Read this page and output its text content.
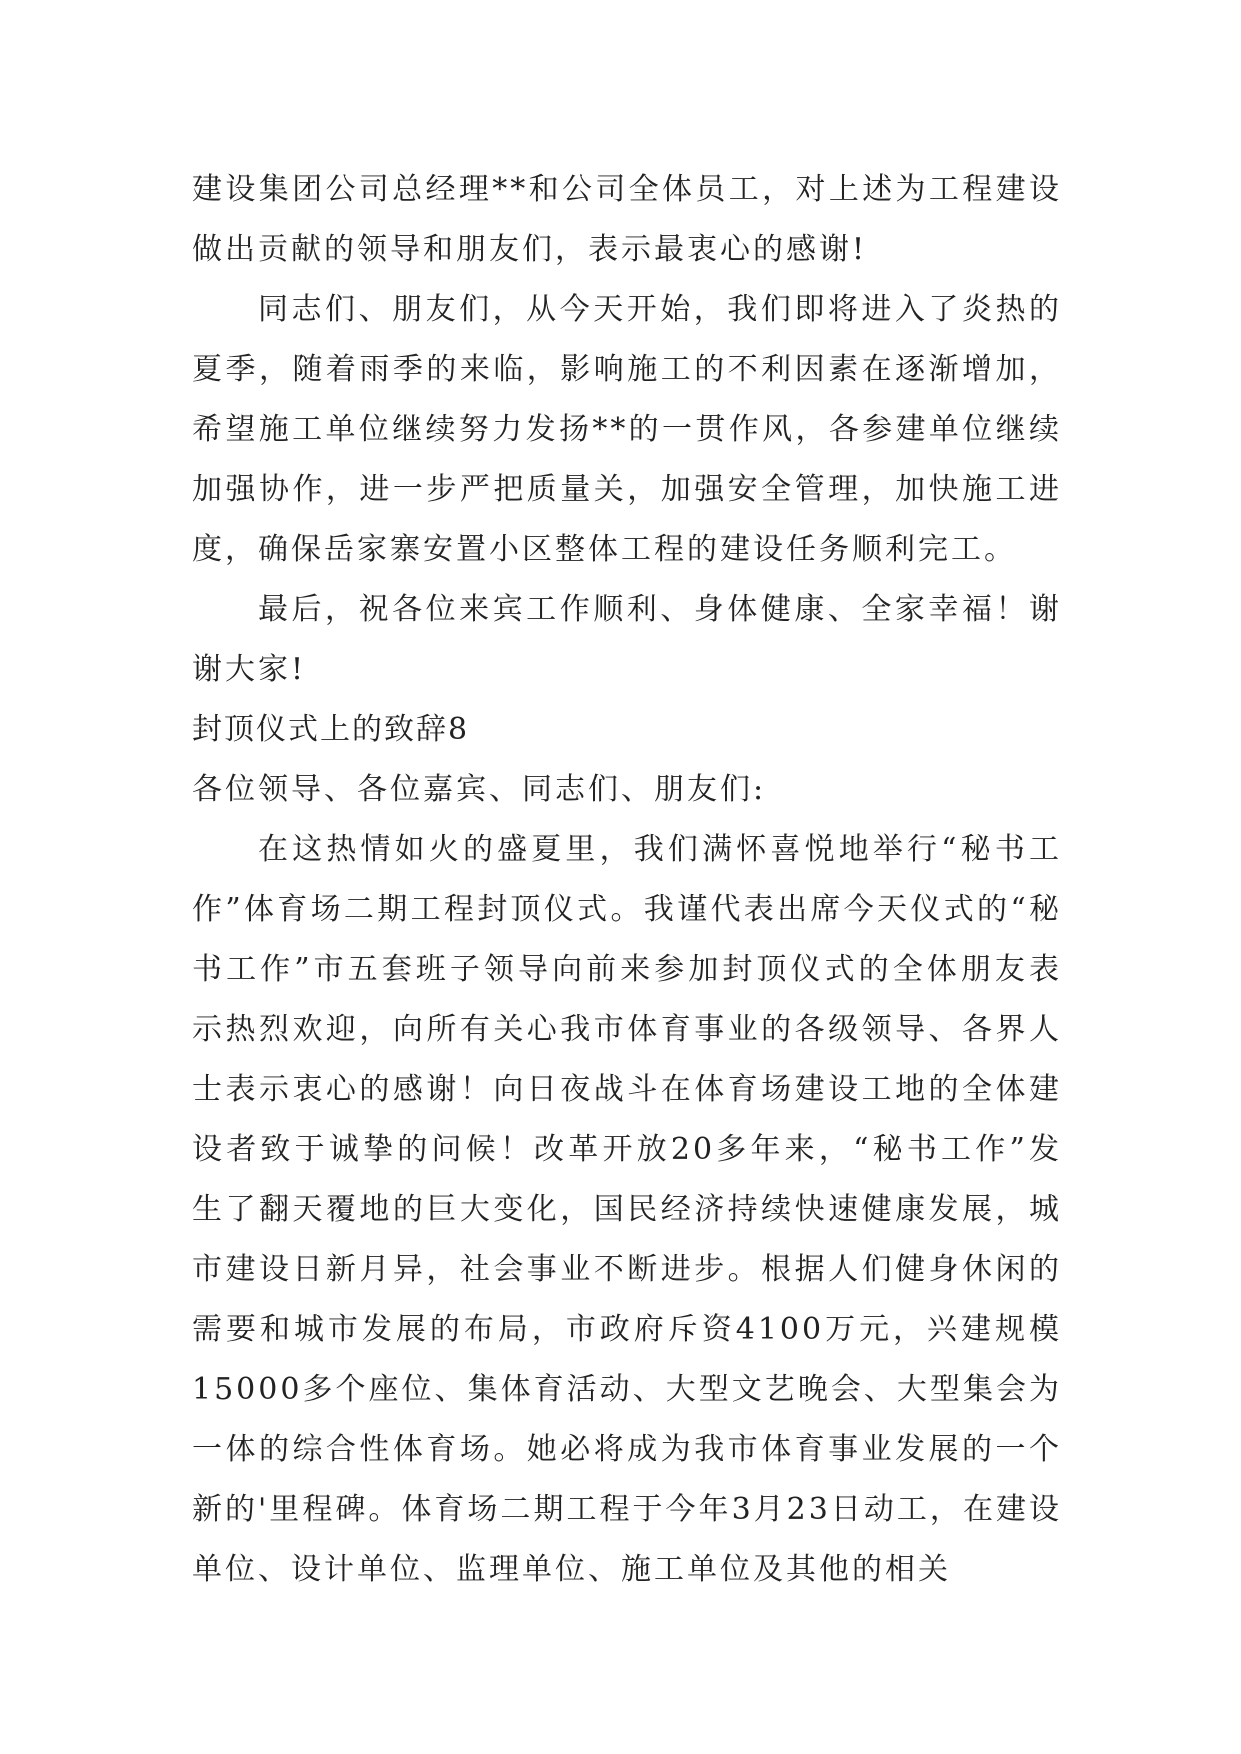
建设集团公司总经理**和公司全体员工，对上述为工程建设做出贡献的领导和朋友们，表示最衷心的感谢!

同志们、朋友们，从今天开始，我们即将进入了炎热的夏季，随着雨季的来临，影响施工的不利因素在逐渐增加，希望施工单位继续努力发扬**的一贯作风，各参建单位继续加强协作，进一步严把质量关，加强安全管理，加快施工进度，确保岳家寨安置小区整体工程的建设任务顺利完工。

最后，祝各位来宾工作顺利、身体健康、全家幸福！谢谢大家!

封顶仪式上的致辞8

各位领导、各位嘉宾、同志们、朋友们:

在这热情如火的盛夏里，我们满怀喜悦地举行“秘书工作”体育场二期工程封顶仪式。我谨代表出席今天仪式的“秘书工作”市五套班子领导向前来参加封顶仪式的全体朋友表示热烈欢迎，向所有关心我市体育事业的各级领导、各界人士表示衷心的感谢！向日夜战斗在体育场建设工地的全体建设者致于诚挚的问候！改革开放20多年来，“秘书工作”发生了翻天覆地的巨大变化，国民经济持续快速健康发展，城市建设日新月异，社会事业不断进步。根据人们健身休闲的需要和城市发展的布局，市政府斥资4100万元，兴建规模15000多个座位、集体育活动、大型文艺晚会、大型集会为一体的综合性体育场。她必将成为我市体育事业发展的一个新的'里程碑。体育场二期工程于今年3月23日动工，在建设单位、设计单位、监理单位、施工单位及其他的相关
